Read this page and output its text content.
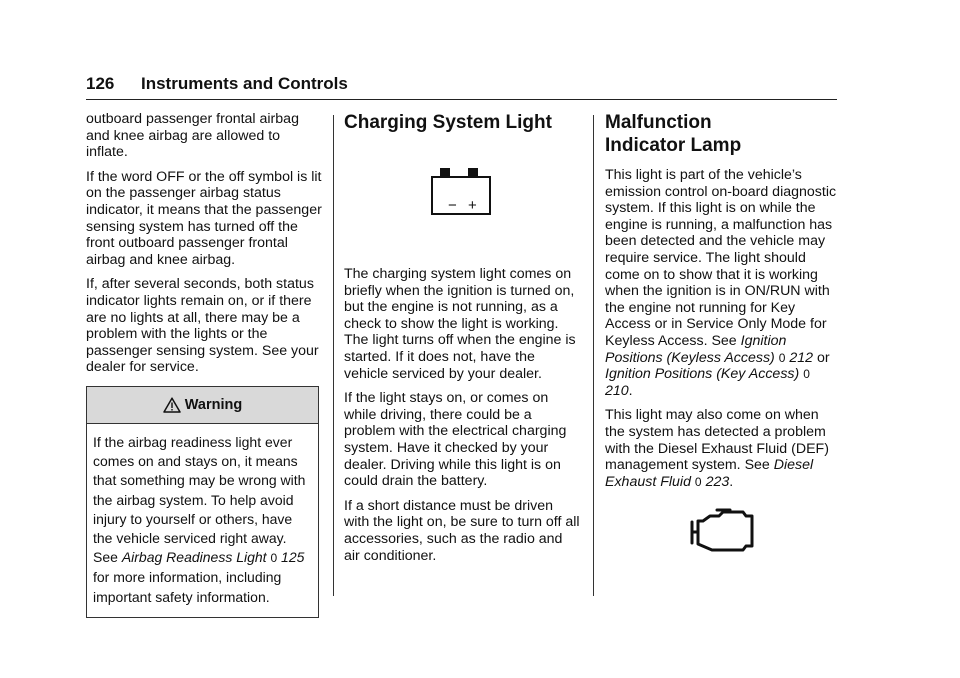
126 Instruments and Controls

outboard passenger frontal airbag and knee airbag are allowed to inflate.

If the word OFF or the off symbol is lit on the passenger airbag status indicator, it means that the passenger sensing system has turned off the front outboard passenger frontal airbag and knee airbag.

If, after several seconds, both status indicator lights remain on, or if there are no lights at all, there may be a problem with the lights or the passenger sensing system. See your dealer for service.

Warning

If the airbag readiness light ever comes on and stays on, it means that something may be wrong with the airbag system. To help avoid injury to yourself or others, have the vehicle serviced right away. See Airbag Readiness Light 0 125 for more information, including important safety information.

Charging System Light
− +

The charging system light comes on briefly when the ignition is turned on, but the engine is not running, as a check to show the light is working. The light turns off when the engine is started. If it does not, have the vehicle serviced by your dealer.

If the light stays on, or comes on while driving, there could be a problem with the electrical charging system. Have it checked by your dealer. Driving while this light is on could drain the battery.

If a short distance must be driven with the light on, be sure to turn off all accessories, such as the radio and air conditioner.

Malfunction Indicator Lamp

This light is part of the vehicle’s emission control on-board diagnostic system. If this light is on while the engine is running, a malfunction has been detected and the vehicle may require service. The light should come on to show that it is working when the ignition is in ON/RUN with the engine not running for Key Access or in Service Only Mode for Keyless Access. See Ignition Positions (Keyless Access) 0 212 or Ignition Positions (Key Access) 0 210.

This light may also come on when the system has detected a problem with the Diesel Exhaust Fluid (DEF) management system. See Diesel Exhaust Fluid 0 223.
